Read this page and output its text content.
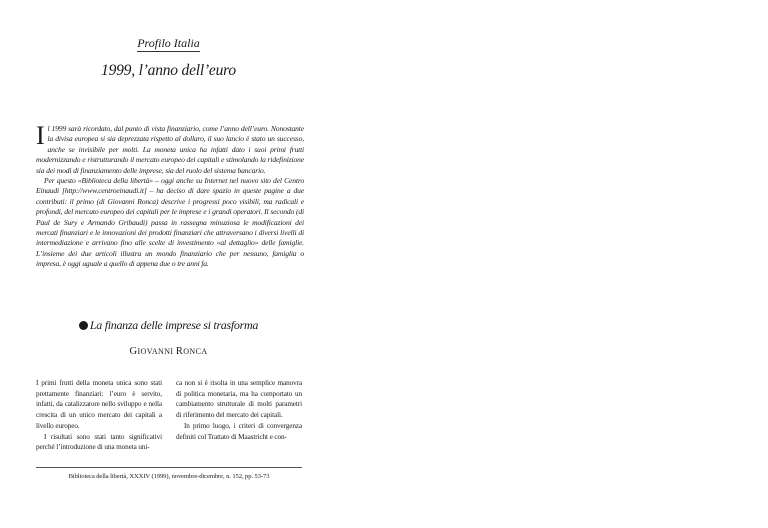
Profilo Italia
1999, l’anno dell’euro

Il 1999 sarà ricordato, dal punto di vista finanziario, come l’anno dell’euro. Nonostante la divisa europea si sia deprezzata rispetto al dollaro, il suo lancio è stato un successo, anche se invisibile per molti. La moneta unica ha infatti dato i suoi primi frutti modernizzando e ristrutturando il mercato europeo dei capitali e stimolando la ridefinizione sia dei modi di finanziamento delle imprese, sia del ruolo del sistema bancario.

Per questo «Biblioteca della libertà» – oggi anche su Internet nel nuovo sito del Centro Einaudi [http://www.centroeinaudi.it] – ha deciso di dare spazio in queste pagine a due contributi: il primo (di Giovanni Ronca) descrive i progressi poco visibili, ma radicali e profondi, del mercato europeo dei capitali per le imprese e i grandi operatori. Il secondo (di Paul de Sury e Armando Gribaudi) passa in rassegna minuziosa le modificazioni dei mercati finanziari e le innovazioni dei prodotti finanziari che attraversano i diversi livelli di intermediazione e arrivano fino alle scelte di investimento «al dettaglio» delle famiglie. L’insieme dei due articoli illustra un mondo finanziario che per nessuno, famiglia o impresa, è oggi uguale a quello di appena due o tre anni fa.

La finanza delle imprese si trasforma
GIOVANNI RONCA

I primi frutti della moneta unica sono stati prettamente finanziari: l’euro è servito, infatti, da catalizzatore nello sviluppo e nella crescita di un unico mercato dei capitali a livello europeo.

I risultati sono stati tanto significativi perché l’introduzione di una moneta uni-

ca non si è risolta in una semplice manovra di politica monetaria, ma ha comportato un cambiamento strutturale di molti parametri di riferimento del mercato dei capitali.

In primo luogo, i criteri di convergenza definiti col Trattato di Maastricht e con-

Biblioteca della libertà, XXXIV (1999), novembre-dicembre, n. 152, pp. 53-73
